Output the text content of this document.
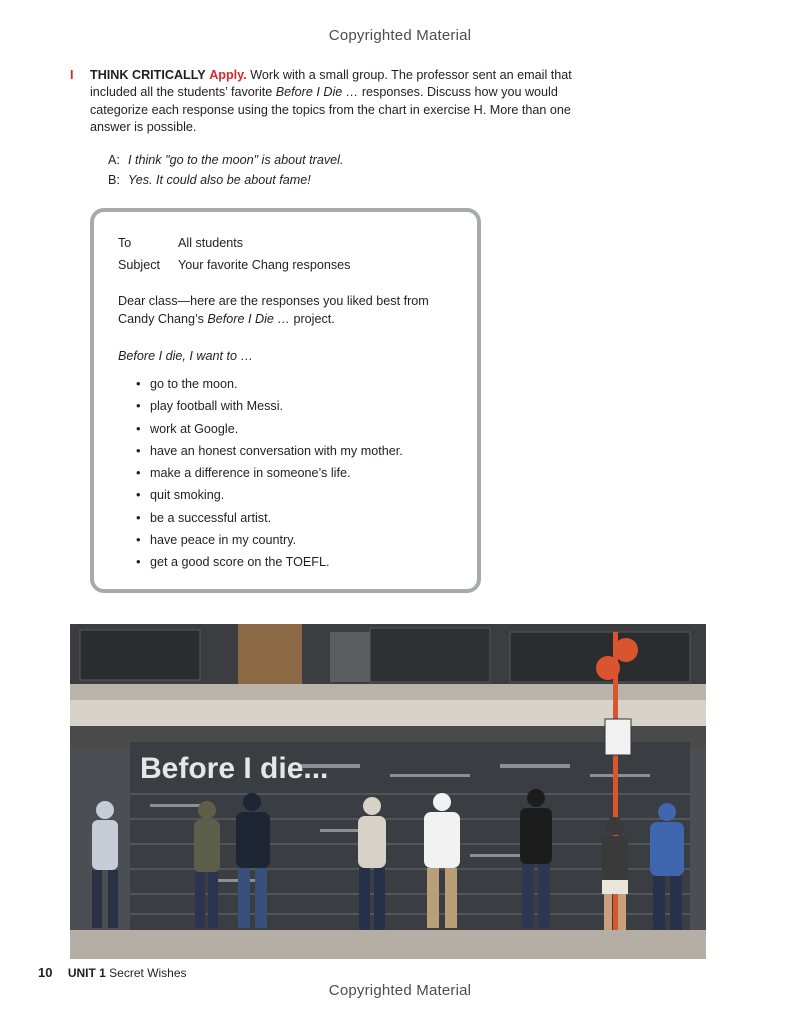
Copyrighted Material
I THINK CRITICALLY Apply. Work with a small group. The professor sent an email that included all the students’ favorite Before I Die … responses. Discuss how you would categorize each response using the topics from the chart in exercise H. More than one answer is possible.
A: I think "go to the moon" is about travel.
B: Yes. It could also be about fame!
To	All students
Subject Your favorite Chang responses
Dear class—here are the responses you liked best from Candy Chang’s Before I Die … project.
Before I die, I want to …
• go to the moon.
• play football with Messi.
• work at Google.
• have an honest conversation with my mother.
• make a difference in someone’s life.
• quit smoking.
• be a successful artist.
• have peace in my country.
• get a good score on the TOEFL.
Before I die...
10 UNIT 1 Secret Wishes
Copyrighted Material
